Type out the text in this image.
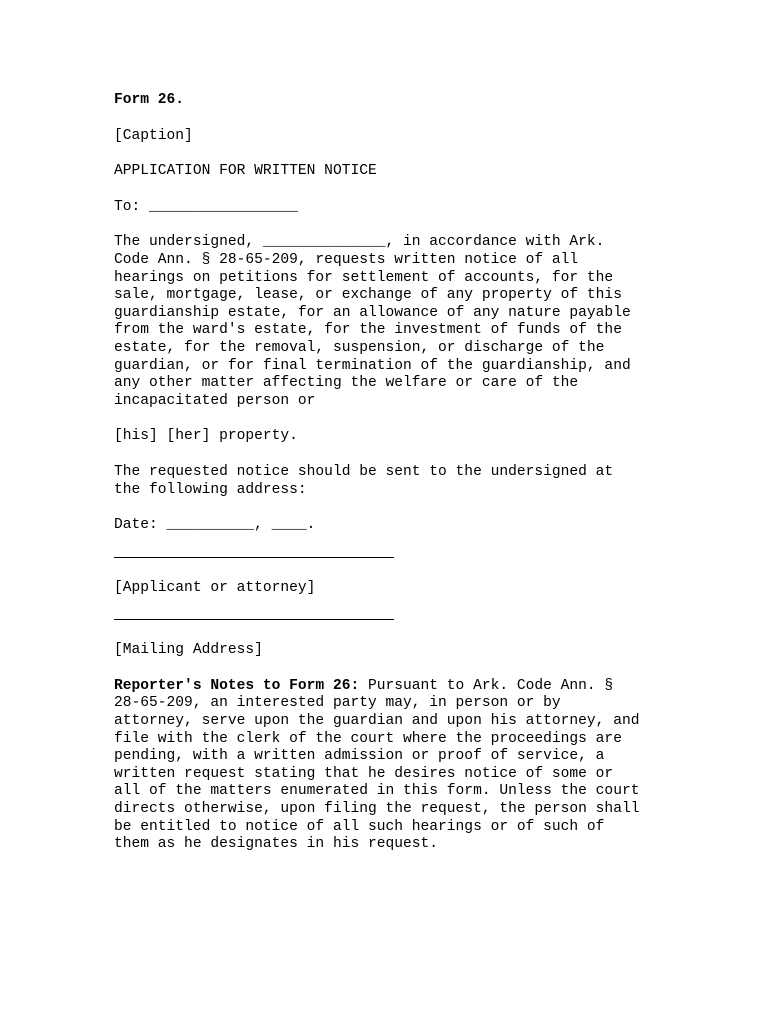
Form 26.

[Caption]

APPLICATION FOR WRITTEN NOTICE

To: _________________

The undersigned, ______________, in accordance with Ark.
Code Ann. § 28-65-209, requests written notice of all
hearings on petitions for settlement of accounts, for the
sale, mortgage, lease, or exchange of any property of this
guardianship estate, for an allowance of any nature payable
from the ward's estate, for the investment of funds of the
estate, for the removal, suspension, or discharge of the
guardian, or for final termination of the guardianship, and
any other matter affecting the welfare or care of the
incapacitated person or

[his] [her] property.

The requested notice should be sent to the undersigned at
the following address:

Date: __________, ____.

[Applicant or attorney]

[Mailing Address]

Reporter's Notes to Form 26: Pursuant to Ark. Code Ann. §
28-65-209, an interested party may, in person or by
attorney, serve upon the guardian and upon his attorney, and
file with the clerk of the court where the proceedings are
pending, with a written admission or proof of service, a
written request stating that he desires notice of some or
all of the matters enumerated in this form. Unless the court
directs otherwise, upon filing the request, the person shall
be entitled to notice of all such hearings or of such of
them as he designates in his request.
